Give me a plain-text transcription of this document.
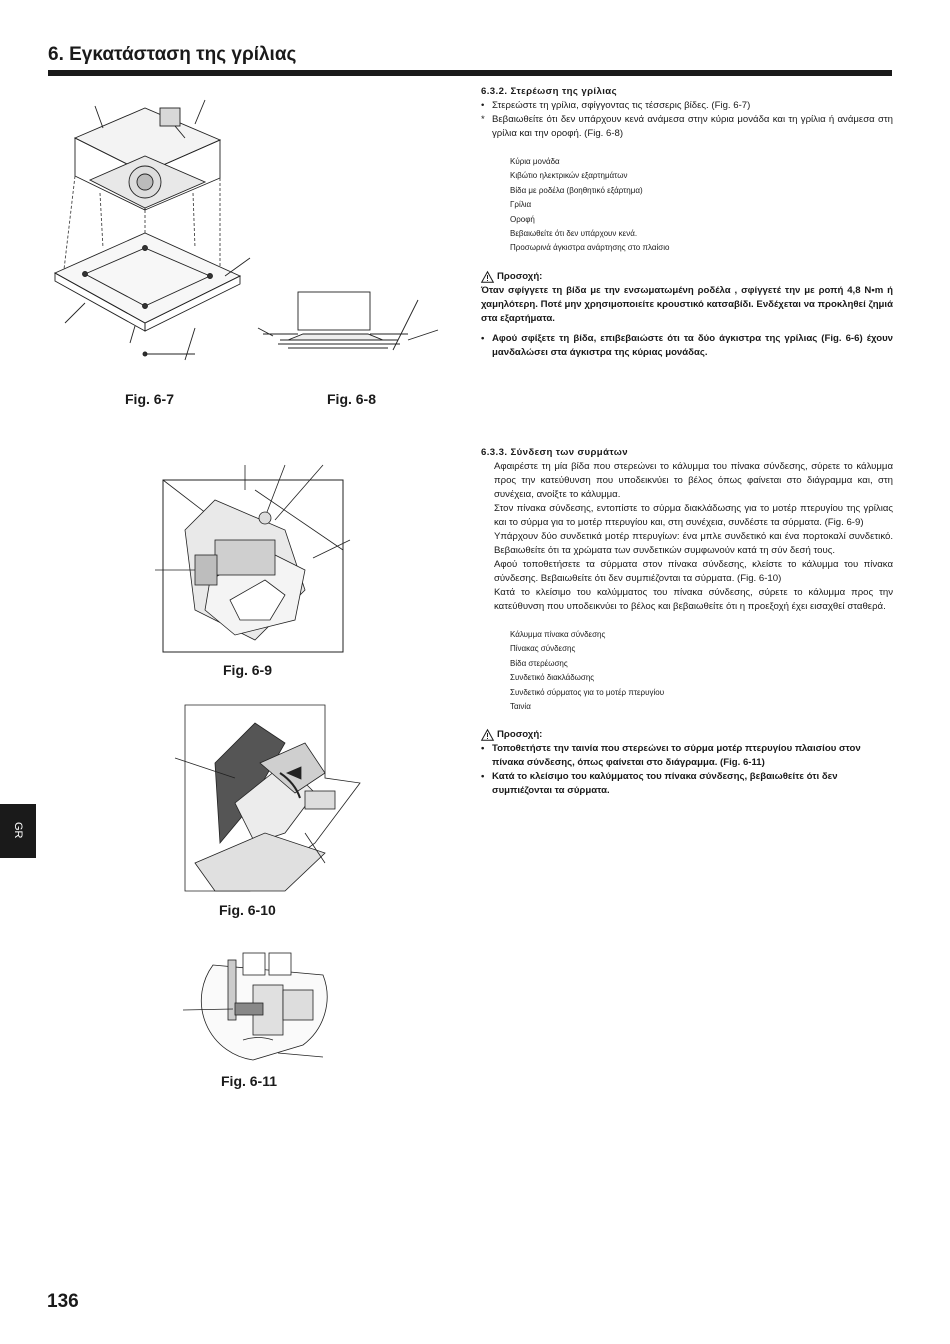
6. Εγκατάσταση της γρίλιας
Fig. 6-7	Fig. 6-8
Fig. 6-9
Fig. 6-10
Fig. 6-11
6.3.2. Στερέωση της γρίλιας
• Στερεώστε τη γρίλια, σφίγγοντας τις τέσσερις βίδες. (Fig. 6-7)
* Βεβαιωθείτε ότι δεν υπάρχουν κενά ανάμεσα στην κύρια μονάδα και τη γρίλια ή ανάμεσα στη γρίλια και την οροφή. (Fig. 6-8)
Κύρια μονάδα
Κιβώτιο ηλεκτρικών εξαρτημάτων
Βίδα με ροδέλα (βοηθητικό εξάρτημα)
Γρίλια
Οροφή
Βεβαιωθείτε ότι δεν υπάρχουν κενά.
Προσωρινά άγκιστρα ανάρτησης στο πλαίσιο
Προσοχή:
Όταν σφίγγετε τη βίδα με την ενσωματωμένη ροδέλα , σφίγγετέ την με ροπή 4,8 N•m ή χαμηλότερη. Ποτέ μην χρησιμοποιείτε κρουστικό κατσαβίδι. Ενδέχεται να προκληθεί ζημιά στα εξαρτήματα.
• Αφού σφίξετε τη βίδα, επιβεβαιώστε ότι τα δύο άγκιστρα της γρίλιας (Fig. 6-6) έχουν μανδαλώσει στα άγκιστρα της κύριας μονάδας.
6.3.3. Σύνδεση των συρμάτων
Αφαιρέστε τη μία βίδα που στερεώνει το κάλυμμα του πίνακα σύνδεσης, σύρετε το κάλυμμα προς την κατεύθυνση που υποδεικνύει το βέλος όπως φαίνεται στο διάγραμμα και, στη συνέχεια, ανοίξτε το κάλυμμα.
Στον πίνακα σύνδεσης, εντοπίστε το σύρμα διακλάδωσης για το μοτέρ πτερυγίου της γρίλιας και το σύρμα για το μοτέρ πτερυγίου και, στη συνέχεια, συνδέστε τα σύρματα. (Fig. 6-9)
Υπάρχουν δύο συνδετικά μοτέρ πτερυγίων: ένα μπλε συνδετικό και ένα πορτοκαλί συνδετικό. Βεβαιωθείτε ότι τα χρώματα των συνδετικών συμφωνούν κατά τη σύν δεσή τους.
Αφού τοποθετήσετε τα σύρματα στον πίνακα σύνδεσης, κλείστε το κάλυμμα του πίνακα σύνδεσης. Βεβαιωθείτε ότι δεν συμπιέζονται τα σύρματα. (Fig. 6-10)
Κατά το κλείσιμο του καλύμματος του πίνακα σύνδεσης, σύρετε το κάλυμμα προς την κατεύθυνση που υποδεικνύει το βέλος και βεβαιωθείτε ότι η προεξοχή έχει εισαχθεί σταθερά.
Κάλυμμα πίνακα σύνδεσης
Πίνακας σύνδεσης
Βίδα στερέωσης
Συνδετικό διακλάδωσης
Συνδετικό σύρματος για το μοτέρ πτερυγίου
Ταινία
Προσοχή:
• Τοποθετήστε την ταινία που στερεώνει το σύρμα μοτέρ πτερυγίου πλαισίου στον πίνακα σύνδεσης, όπως φαίνεται στο διάγραμμα. (Fig. 6-11)
• Κατά το κλείσιμο του καλύμματος του πίνακα σύνδεσης, βεβαιωθείτε ότι δεν συμπιέζονται τα σύρματα.
GR
136
